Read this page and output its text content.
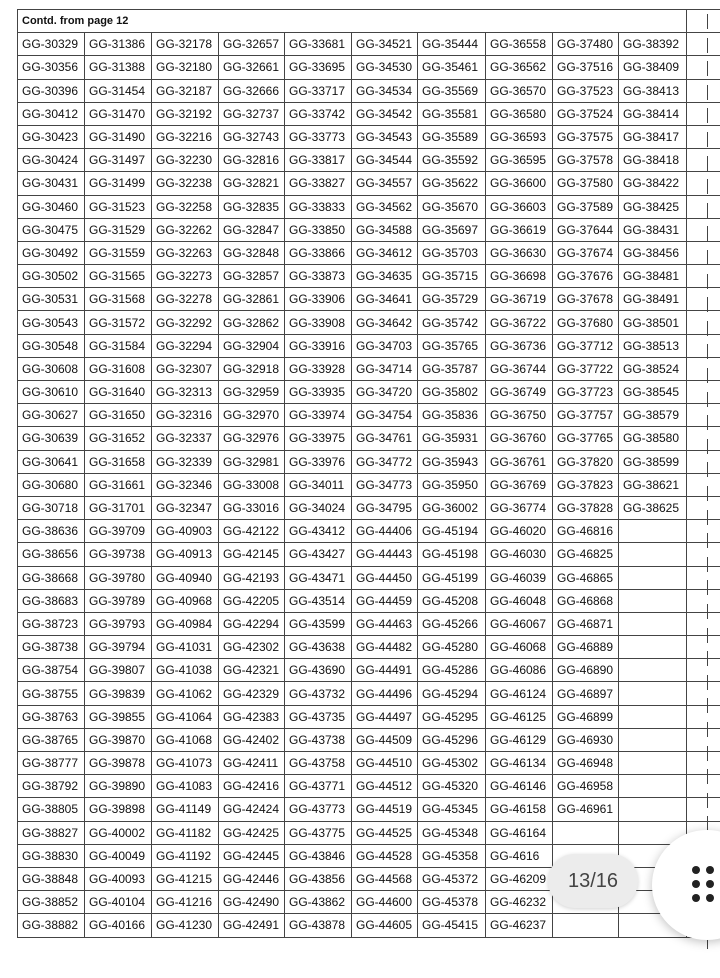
Contd. from page 12										
GG-30329	GG-31386	GG-32178	GG-32657	GG-33681	GG-34521	GG-35444	GG-36558	GG-37480	GG-38392	
GG-30356	GG-31388	GG-32180	GG-32661	GG-33695	GG-34530	GG-35461	GG-36562	GG-37516	GG-38409	
GG-30396	GG-31454	GG-32187	GG-32666	GG-33717	GG-34534	GG-35569	GG-36570	GG-37523	GG-38413	
GG-30412	GG-31470	GG-32192	GG-32737	GG-33742	GG-34542	GG-35581	GG-36580	GG-37524	GG-38414	
GG-30423	GG-31490	GG-32216	GG-32743	GG-33773	GG-34543	GG-35589	GG-36593	GG-37575	GG-38417	
GG-30424	GG-31497	GG-32230	GG-32816	GG-33817	GG-34544	GG-35592	GG-36595	GG-37578	GG-38418	
GG-30431	GG-31499	GG-32238	GG-32821	GG-33827	GG-34557	GG-35622	GG-36600	GG-37580	GG-38422	
GG-30460	GG-31523	GG-32258	GG-32835	GG-33833	GG-34562	GG-35670	GG-36603	GG-37589	GG-38425	
GG-30475	GG-31529	GG-32262	GG-32847	GG-33850	GG-34588	GG-35697	GG-36619	GG-37644	GG-38431	
GG-30492	GG-31559	GG-32263	GG-32848	GG-33866	GG-34612	GG-35703	GG-36630	GG-37674	GG-38456	
GG-30502	GG-31565	GG-32273	GG-32857	GG-33873	GG-34635	GG-35715	GG-36698	GG-37676	GG-38481	
GG-30531	GG-31568	GG-32278	GG-32861	GG-33906	GG-34641	GG-35729	GG-36719	GG-37678	GG-38491	
GG-30543	GG-31572	GG-32292	GG-32862	GG-33908	GG-34642	GG-35742	GG-36722	GG-37680	GG-38501	
GG-30548	GG-31584	GG-32294	GG-32904	GG-33916	GG-34703	GG-35765	GG-36736	GG-37712	GG-38513	
GG-30608	GG-31608	GG-32307	GG-32918	GG-33928	GG-34714	GG-35787	GG-36744	GG-37722	GG-38524	
GG-30610	GG-31640	GG-32313	GG-32959	GG-33935	GG-34720	GG-35802	GG-36749	GG-37723	GG-38545	
GG-30627	GG-31650	GG-32316	GG-32970	GG-33974	GG-34754	GG-35836	GG-36750	GG-37757	GG-38579	
GG-30639	GG-31652	GG-32337	GG-32976	GG-33975	GG-34761	GG-35931	GG-36760	GG-37765	GG-38580	
GG-30641	GG-31658	GG-32339	GG-32981	GG-33976	GG-34772	GG-35943	GG-36761	GG-37820	GG-38599	
GG-30680	GG-31661	GG-32346	GG-33008	GG-34011	GG-34773	GG-35950	GG-36769	GG-37823	GG-38621	
GG-30718	GG-31701	GG-32347	GG-33016	GG-34024	GG-34795	GG-36002	GG-36774	GG-37828	GG-38625	
GG-38636	GG-39709	GG-40903	GG-42122	GG-43412	GG-44406	GG-45194	GG-46020	GG-46816		
GG-38656	GG-39738	GG-40913	GG-42145	GG-43427	GG-44443	GG-45198	GG-46030	GG-46825		
GG-38668	GG-39780	GG-40940	GG-42193	GG-43471	GG-44450	GG-45199	GG-46039	GG-46865		
GG-38683	GG-39789	GG-40968	GG-42205	GG-43514	GG-44459	GG-45208	GG-46048	GG-46868		
GG-38723	GG-39793	GG-40984	GG-42294	GG-43599	GG-44463	GG-45266	GG-46067	GG-46871		
GG-38738	GG-39794	GG-41031	GG-42302	GG-43638	GG-44482	GG-45280	GG-46068	GG-46889		
GG-38754	GG-39807	GG-41038	GG-42321	GG-43690	GG-44491	GG-45286	GG-46086	GG-46890		
GG-38755	GG-39839	GG-41062	GG-42329	GG-43732	GG-44496	GG-45294	GG-46124	GG-46897		
GG-38763	GG-39855	GG-41064	GG-42383	GG-43735	GG-44497	GG-45295	GG-46125	GG-46899		
GG-38765	GG-39870	GG-41068	GG-42402	GG-43738	GG-44509	GG-45296	GG-46129	GG-46930		
GG-38777	GG-39878	GG-41073	GG-42411	GG-43758	GG-44510	GG-45302	GG-46134	GG-46948		
GG-38792	GG-39890	GG-41083	GG-42416	GG-43771	GG-44512	GG-45320	GG-46146	GG-46958		
GG-38805	GG-39898	GG-41149	GG-42424	GG-43773	GG-44519	GG-45345	GG-46158	GG-46961		
GG-38827	GG-40002	GG-41182	GG-42425	GG-43775	GG-44525	GG-45348	GG-46164			
GG-38830	GG-40049	GG-41192	GG-42445	GG-43846	GG-44528	GG-45358	GG-4616			
GG-38848	GG-40093	GG-41215	GG-42446	GG-43856	GG-44568	GG-45372	GG-46209			
GG-38852	GG-40104	GG-41216	GG-42490	GG-43862	GG-44600	GG-45378	GG-46232			
GG-38882	GG-40166	GG-41230	GG-42491	GG-43878	GG-44605	GG-45415	GG-46237			
13/16
